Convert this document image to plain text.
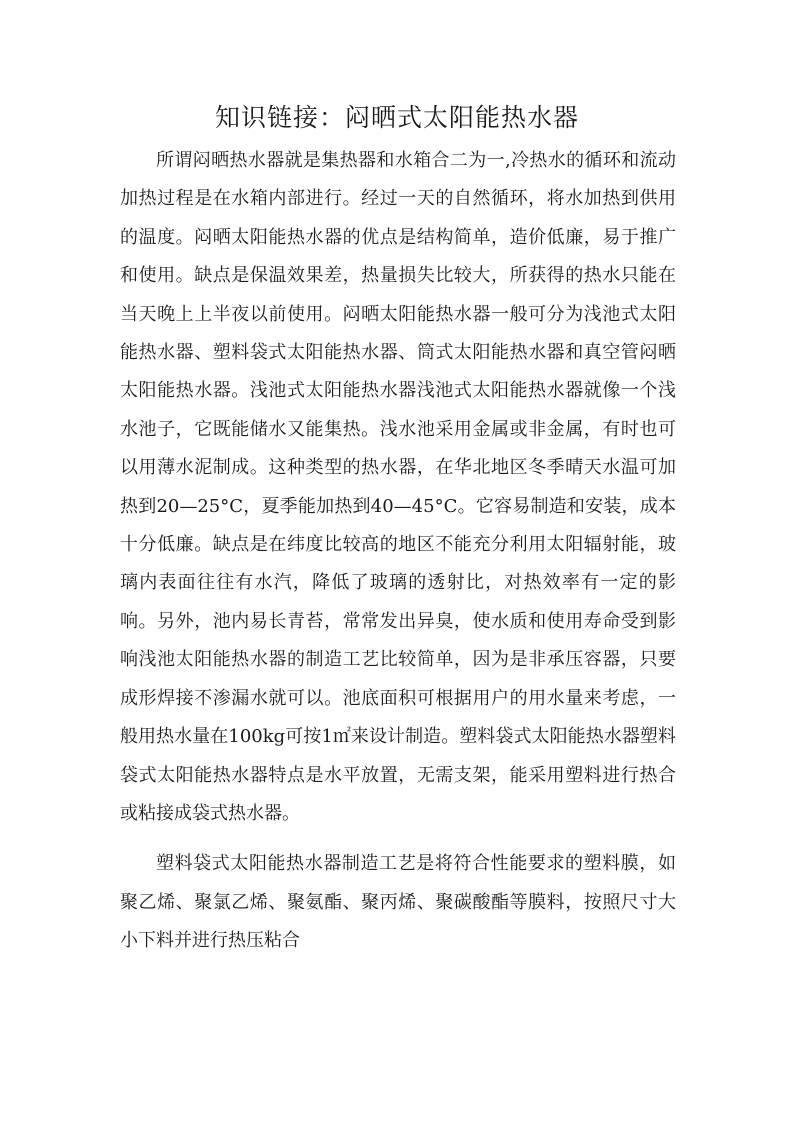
知识链接：闷晒式太阳能热水器

所谓闷晒热水器就是集热器和水箱合二为一,冷热水的循环和流动加热过程是在水箱内部进行。经过一天的自然循环，将水加热到供用的温度。闷晒太阳能热水器的优点是结构简单，造价低廉，易于推广和使用。缺点是保温效果差，热量损失比较大，所获得的热水只能在当天晚上上半夜以前使用。闷晒太阳能热水器一般可分为浅池式太阳能热水器、塑料袋式太阳能热水器、筒式太阳能热水器和真空管闷晒太阳能热水器。浅池式太阳能热水器浅池式太阳能热水器就像一个浅水池子，它既能储水又能集热。浅水池采用金属或非金属，有时也可以用薄水泥制成。这种类型的热水器，在华北地区冬季晴天水温可加热到20—25°C，夏季能加热到40—45°C。它容易制造和安装，成本十分低廉。缺点是在纬度比较高的地区不能充分利用太阳辐射能，玻璃内表面往往有水汽，降低了玻璃的透射比，对热效率有一定的影响。另外，池内易长青苔，常常发出异臭，使水质和使用寿命受到影响浅池太阳能热水器的制造工艺比较简单，因为是非承压容器，只要成形焊接不渗漏水就可以。池底面积可根据用户的用水量来考虑，一般用热水量在100kg可按1㎡来设计制造。塑料袋式太阳能热水器塑料袋式太阳能热水器特点是水平放置，无需支架，能采用塑料进行热合或粘接成袋式热水器。

塑料袋式太阳能热水器制造工艺是将符合性能要求的塑料膜，如聚乙烯、聚氯乙烯、聚氨酯、聚丙烯、聚碳酸酯等膜料，按照尺寸大小下料并进行热压粘合
